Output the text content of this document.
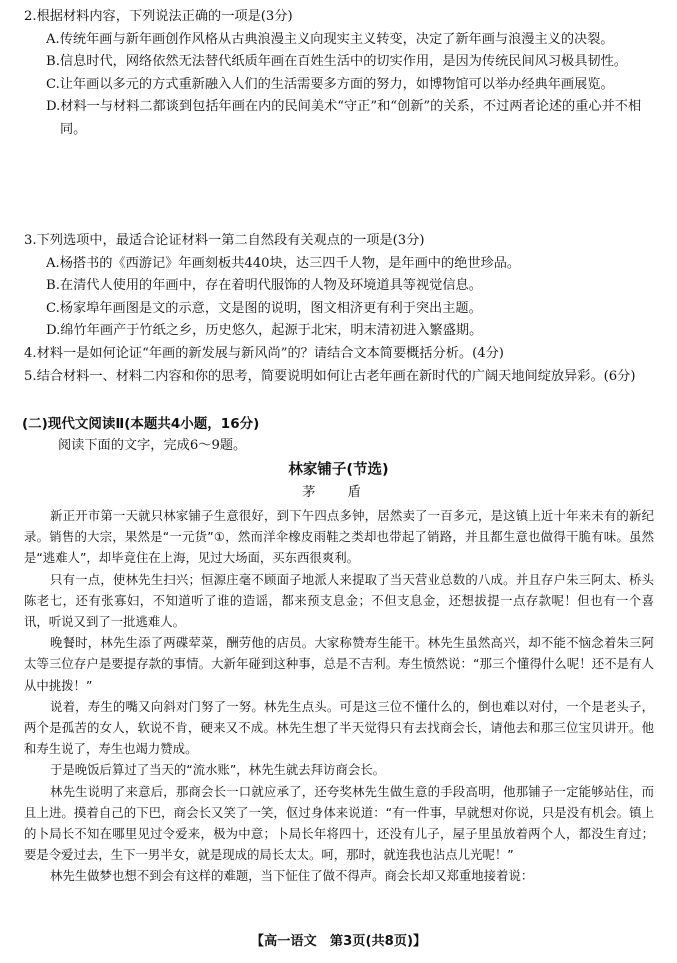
2.根据材料内容，下列说法正确的一项是(3分)
A.传统年画与新年画创作风格从古典浪漫主义向现实主义转变，决定了新年画与浪漫主义的决裂。
B.信息时代，网络依然无法替代纸质年画在百姓生活中的切实作用，是因为传统民间风习极具韧性。
C.让年画以多元的方式重新融入人们的生活需要多方面的努力，如博物馆可以举办经典年画展览。
D.材料一与材料二都谈到包括年画在内的民间美术“守正”和“创新”的关系，不过两者论述的重心并不相同。
3.下列选项中，最适合论证材料一第二自然段有关观点的一项是(3分)
A.杨搭书的《西游记》年画刻板共440块，达三四千人物，是年画中的绝世珍品。
B.在清代人使用的年画中，存在着明代服饰的人物及环境道具等视觉信息。
C.杨家埠年画图是文的示意，文是图的说明，图文相济更有利于突出主题。
D.绵竹年画产于竹纸之乡，历史悠久，起源于北宋，明末清初进入繁盛期。
4.材料一是如何论证“年画的新发展与新风尚”的？请结合文本简要概括分析。(4分)
5.结合材料一、材料二内容和你的思考，简要说明如何让古老年画在新时代的广阔天地间绽放异彩。(6分)
(二)现代文阅读Ⅱ(本题共4小题，16分)
阅读下面的文字，完成6～9题。
林家铺子(节选)
茅 盾

新正开市第一天就只林家铺子生意很好，到下午四点多钟，居然卖了一百多元，是这镇上近十年来未有的新纪录。销售的大宗，果然是“一元货”①，然而洋伞橡皮雨鞋之类却也带起了销路，并且都生意也做得干脆有味。虽然是“逃难人”，却毕竟住在上海，见过大场面，买东西很爽利。

只有一点，使林先生扫兴；恒源庄毫不顾面子地派人来提取了当天营业总数的八成。并且存户朱三阿太、桥头陈老七，还有张寡妇，不知道听了谁的造谣，都来预支息金；不但支息金，还想拔提一点存款呢！但也有一个喜讯，听说又到了一批逃难人。

晚餐时，林先生添了两碟荤菜，酬劳他的店员。大家称赞寿生能干。林先生虽然高兴，却不能不恼念着朱三阿太等三位存户是要提存款的事情。大新年碰到这种事，总是不吉利。寿生愤然说：“那三个懂得什么呢！还不是有人从中挑拨！”

说着，寿生的嘴又向斜对门努了一努。林先生点头。可是这三位不懂什么的，倒也难以对付，一个是老头子，两个是孤苦的女人，软说不肯，硬来又不成。林先生想了半天觉得只有去找商会长，请他去和那三位宝贝讲开。他和寿生说了，寿生也竭力赞成。

于是晚饭后算过了当天的“流水账”，林先生就去拜访商会长。

林先生说明了来意后，那商会长一口就应承了，还夸奖林先生做生意的手段高明，他那铺子一定能够站住，而且上进。摸着自己的下巴，商会长又笑了一笑，伛过身体来说道：“有一件事，早就想对你说，只是没有机会。镇上的卜局长不知在哪里见过令爱来，极为中意；卜局长年将四十，还没有儿子，屋子里虽放着两个人，都没生育过；要是令爱过去，生下一男半女，就是现成的局长太太。呵，那时，就连我也沾点儿光呢！”

林先生做梦也想不到会有这样的难题，当下怔住了做不得声。商会长却又郑重地接着说：

【高一语文　第3页(共8页)】
